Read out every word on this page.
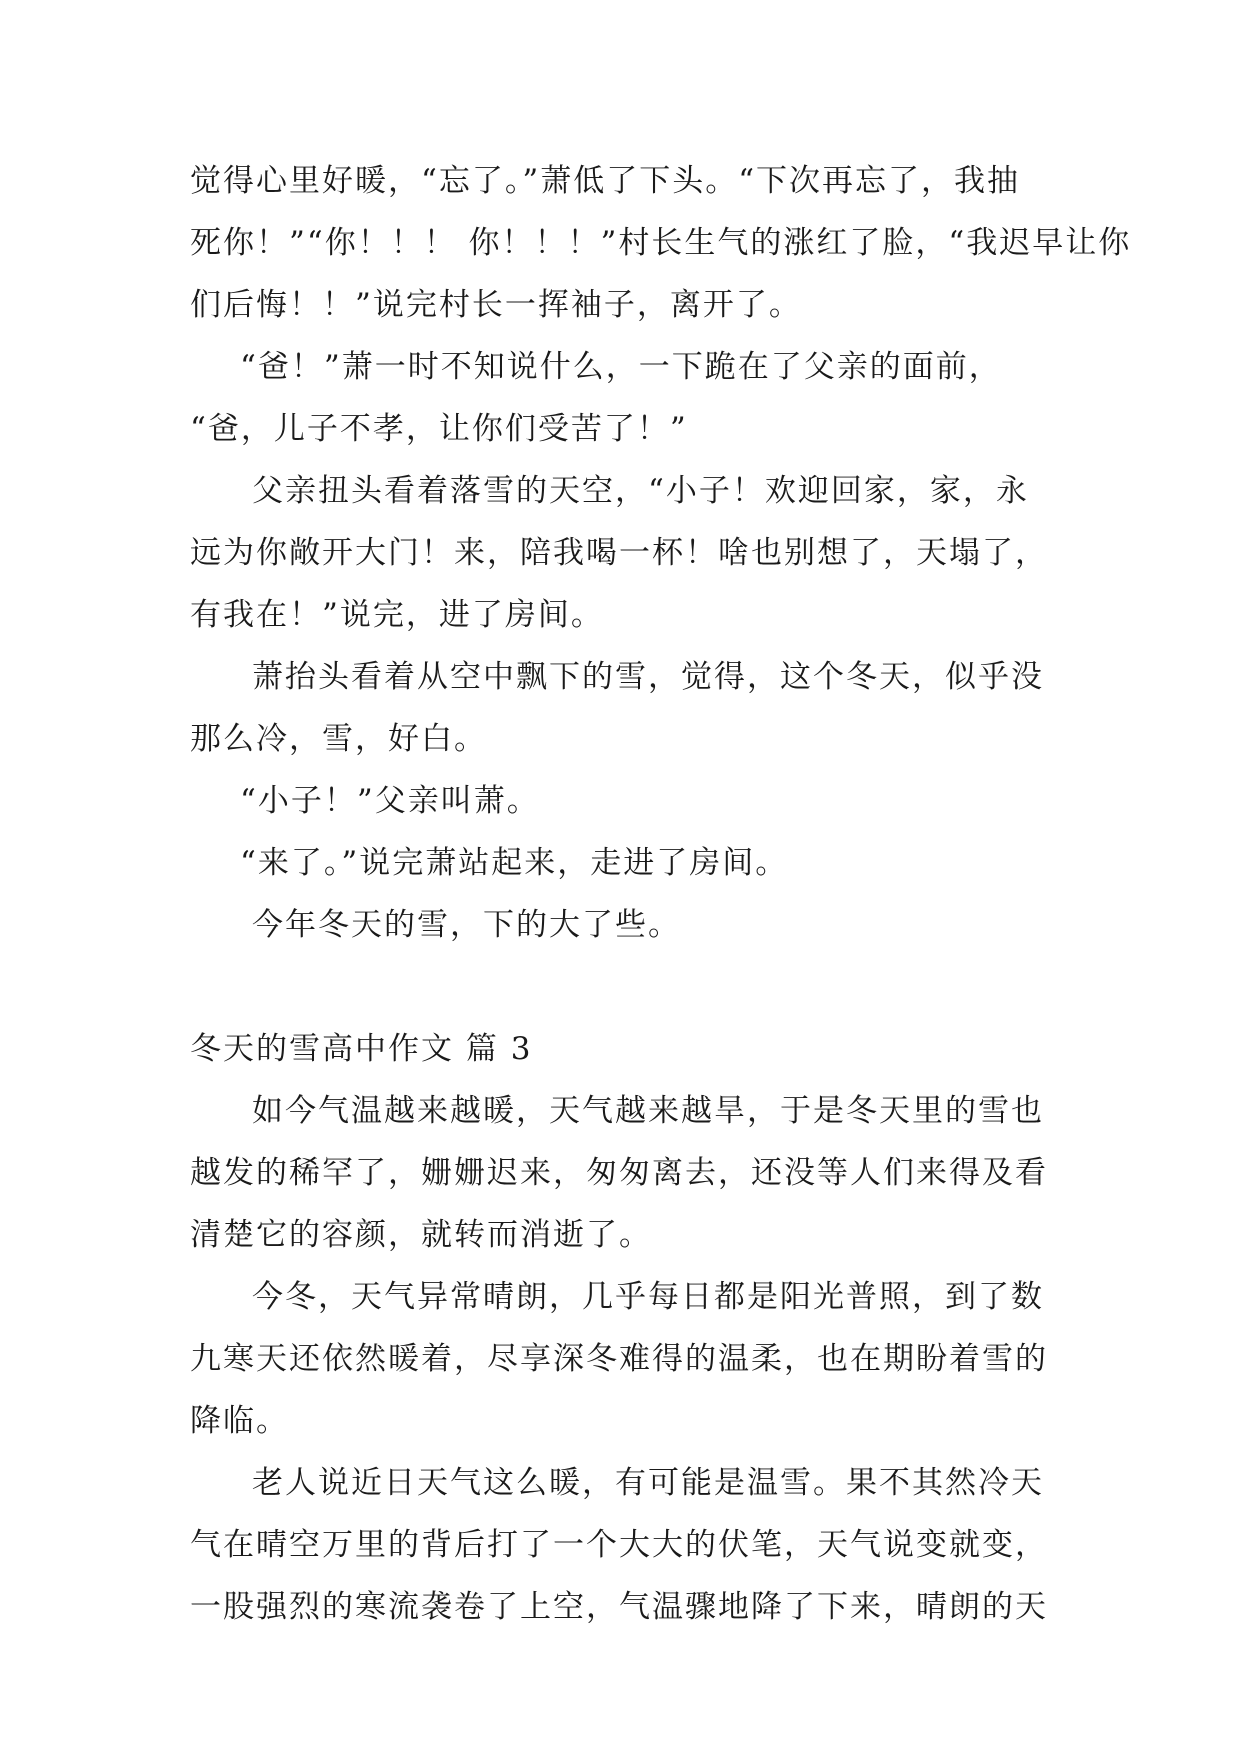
觉得心里好暖，“忘了。”萧低了下头。“下次再忘了，我抽
死你！”“你！！！ 你！！！”村长生气的涨红了脸，“我迟早让你
们后悔！！”说完村长一挥袖子，离开了。
“爸！”萧一时不知说什么，一下跪在了父亲的面前，
“爸，儿子不孝，让你们受苦了！”
父亲扭头看着落雪的天空，“小子！欢迎回家，家，永
远为你敞开大门！来，陪我喝一杯！啥也别想了，天塌了，
有我在！”说完，进了房间。
萧抬头看着从空中飘下的雪，觉得，这个冬天，似乎没
那么冷，雪，好白。
“小子！”父亲叫萧。
“来了。”说完萧站起来，走进了房间。
今年冬天的雪，下的大了些。
冬天的雪高中作文 篇 3
如今气温越来越暖，天气越来越旱，于是冬天里的雪也
越发的稀罕了，姗姗迟来，匆匆离去，还没等人们来得及看
清楚它的容颜，就转而消逝了。
今冬，天气异常晴朗，几乎每日都是阳光普照，到了数
九寒天还依然暖着，尽享深冬难得的温柔，也在期盼着雪的
降临。
老人说近日天气这么暖，有可能是温雪。果不其然冷天
气在晴空万里的背后打了一个大大的伏笔，天气说变就变，
一股强烈的寒流袭卷了上空，气温骤地降了下来，晴朗的天
